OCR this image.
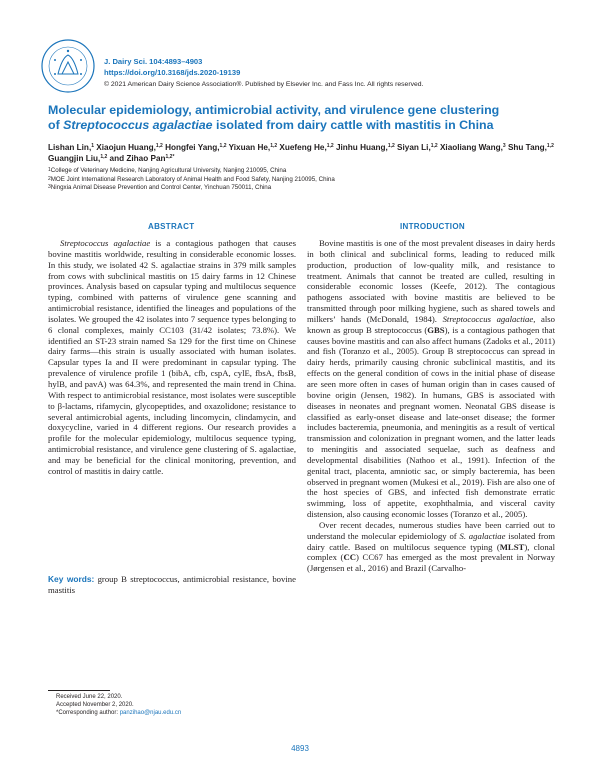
J. Dairy Sci. 104:4893–4903
https://doi.org/10.3168/jds.2020-19139
© 2021 American Dairy Science Association®. Published by Elsevier Inc. and Fass Inc. All rights reserved.
Molecular epidemiology, antimicrobial activity, and virulence gene clustering
of Streptococcus agalactiae isolated from dairy cattle with mastitis in China
Lishan Lin,$^1$ Xiaojun Huang,$^{1,2}$ Hongfei Yang,$^{1,2}$ Yixuan He,$^{1,2}$ Xuefeng He,$^{1,2}$ Jinhu Huang,$^{1,2}$ Siyan Li,$^{1,2}$ Xiaoliang Wang,$^3$ Shu Tang,$^{1,2}$ Guangjin Liu,$^{1,2}$ and Zihao Pan$^{1,2*}$
$^1$College of Veterinary Medicine, Nanjing Agricultural University, Nanjing 210095, China
$^2$MOE Joint International Research Laboratory of Animal Health and Food Safety, Nanjing 210095, China
$^3$Ningxia Animal Disease Prevention and Control Center, Yinchuan 750011, China
ABSTRACT	INTRODUCTION

Streptococcus agalactiae is a contagious pathogen that causes bovine mastitis worldwide, resulting in considerable economic losses. In this study, we isolated 42 S. agalactiae strains in 379 milk samples from cows with subclinical mastitis on 15 dairy farms in 12 Chinese provinces. Analysis based on capsular typing and multilocus sequence typing, combined with patterns of virulence gene scanning and antimicrobial resistance, identified the lineages and populations of the isolates. We grouped the 42 isolates into 7 sequence types belonging to 6 clonal complexes, mainly CC103 (31/42 isolates; 73.8%). We identified an ST-23 strain named Sa 129 for the first time on Chinese dairy farms—this strain is usually associated with human isolates. Capsular types Ia and II were predominant in capsular typing. The prevalence of virulence profile 1 (bibA, cfb, cspA, cylE, fbsA, fbsB, hylB, and pavA) was 64.3%, and represented the main trend in China. With respect to antimicrobial resistance, most isolates were susceptible to β-lactams, rifamycin, glycopeptides, and oxazolidone; resistance to several antimicrobial agents, including lincomycin, clindamycin, and doxycycline, varied in 4 different regions. Our research provides a profile for the molecular epidemiology, multilocus sequence typing, antimicrobial resistance, and virulence gene clustering of S. agalactiae, and may be beneficial for the clinical monitoring, prevention, and control of mastitis in dairy cattle.

Key words: group B streptococcus, antimicrobial resistance, bovine mastitis

Bovine mastitis is one of the most prevalent diseases in dairy herds in both clinical and subclinical forms, leading to reduced milk production, production of low-quality milk, and resistance to treatment. Animals that cannot be treated are culled, resulting in considerable economic losses (Keefe, 2012). The contagious pathogens associated with bovine mastitis are believed to be transmitted through poor milking hygiene, such as shared towels and milkers’ hands (McDonald, 1984). Streptococcus agalactiae, also known as group B streptococcus (GBS), is a contagious pathogen that causes bovine mastitis and can also affect humans (Zadoks et al., 2011) and fish (Toranzo et al., 2005). Group B streptococcus can spread in dairy herds, primarily causing chronic subclinical mastitis, and its effects on the general condition of cows in the initial phase of disease are seen more often in cases of human origin than in cases caused of bovine origin (Jensen, 1982). In humans, GBS is associated with diseases in neonates and pregnant women. Neonatal GBS disease is classified as early-onset disease and late-onset disease; the former includes bacteremia, pneumonia, and meningitis as a result of vertical transmission and colonization in pregnant women, and the latter leads to meningitis and associated sequelae, such as deafness and developmental disabilities (Nathoo et al., 1991). Infection of the genital tract, placenta, amniotic sac, or simply bacteremia, has been observed in pregnant women (Mukesi et al., 2019). Fish are also one of the host species of GBS, and infected fish demonstrate erratic swimming, loss of appetite, exophthalmia, and visceral cavity distension, also causing economic losses (Toranzo et al., 2005).

Over recent decades, numerous studies have been carried out to understand the molecular epidemiology of S. agalactiae isolated from dairy cattle. Based on multilocus sequence typing (MLST), clonal complex (CC) CC67 has emerged as the most prevalent in Norway (Jørgensen et al., 2016) and Brazil (Carvalho-

Received June 22, 2020.
Accepted November 2, 2020.
*Corresponding author: panzihao@njau.edu.cn
4893
